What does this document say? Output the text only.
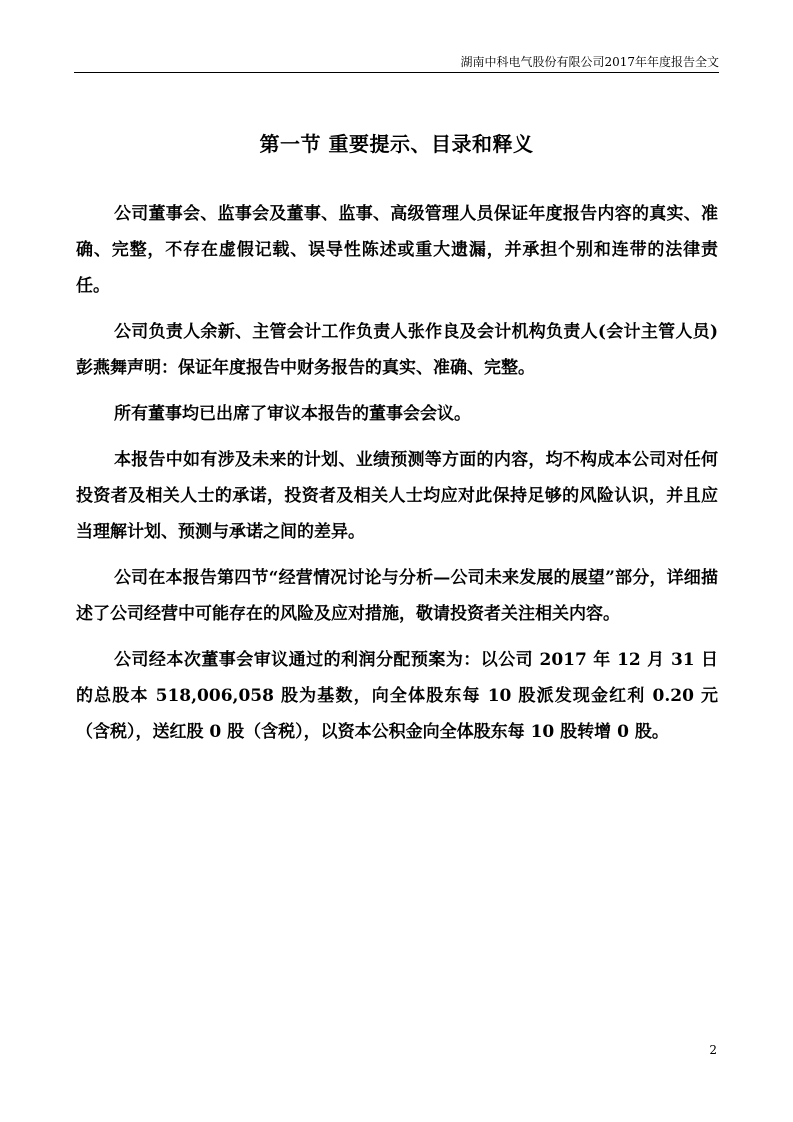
湖南中科电气股份有限公司2017年年度报告全文
第一节 重要提示、目录和释义

公司董事会、监事会及董事、监事、高级管理人员保证年度报告内容的真实、准确、完整，不存在虚假记载、误导性陈述或重大遗漏，并承担个别和连带的法律责任。

公司负责人余新、主管会计工作负责人张作良及会计机构负责人(会计主管人员)彭燕舞声明：保证年度报告中财务报告的真实、准确、完整。

所有董事均已出席了审议本报告的董事会会议。

本报告中如有涉及未来的计划、业绩预测等方面的内容，均不构成本公司对任何投资者及相关人士的承诺，投资者及相关人士均应对此保持足够的风险认识，并且应当理解计划、预测与承诺之间的差异。

公司在本报告第四节“经营情况讨论与分析—公司未来发展的展望”部分，详细描述了公司经营中可能存在的风险及应对措施，敬请投资者关注相关内容。

公司经本次董事会审议通过的利润分配预案为：以公司 2017 年 12 月 31 日的总股本 518,006,058 股为基数，向全体股东每 10 股派发现金红利 0.20 元（含税），送红股 0 股（含税），以资本公积金向全体股东每 10 股转增 0 股。

2
